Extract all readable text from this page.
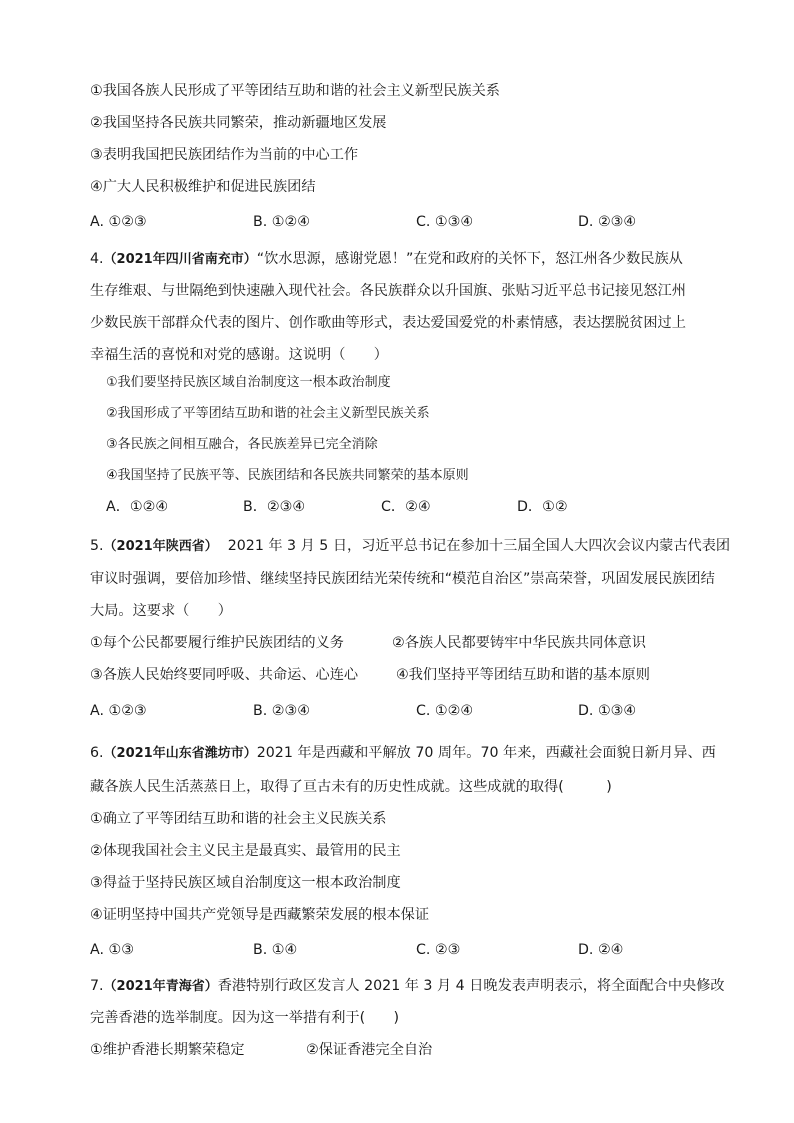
①我国各族人民形成了平等团结互助和谐的社会主义新型民族关系
②我国坚持各民族共同繁荣，推动新疆地区发展
③表明我国把民族团结作为当前的中心工作
④广大人民积极维护和促进民族团结
A. ①②③	B. ①②④	C. ①③④	D. ②③④
4.（2021年四川省南充市）“饮水思源，感谢党恩！”在党和政府的关怀下，怒江州各少数民族从
生存维艰、与世隔绝到快速融入现代社会。各民族群众以升国旗、张贴习近平总书记接见怒江州
少数民族干部群众代表的图片、创作歌曲等形式，表达爱国爱党的朴素情感，表达摆脱贫困过上
幸福生活的喜悦和对党的感谢。这说明（　　）
①我们要坚持民族区域自治制度这一根本政治制度
②我国形成了平等团结互助和谐的社会主义新型民族关系
③各民族之间相互融合，各民族差异已完全消除
④我国坚持了民族平等、民族团结和各民族共同繁荣的基本原则
A．①②④	B．②③④	C．②④	D．①②
5.（2021年陕西省） 2021 年 3 月 5 日，习近平总书记在参加十三届全国人大四次会议内蒙古代表团
审议时强调，要倍加珍惜、继续坚持民族团结光荣传统和“模范自治区”崇高荣誉，巩固发展民族团结
大局。这要求（　　）
①每个公民都要履行维护民族团结的义务	②各族人民都要铸牢中华民族共同体意识
③各族人民始终要同呼吸、共命运、心连心	④我们坚持平等团结互助和谐的基本原则
A. ①②③	B. ②③④	C. ①②④	D. ①③④
6.（2021年山东省潍坊市）2021 年是西藏和平解放 70 周年。70 年来，西藏社会面貌日新月异、西
藏各族人民生活蒸蒸日上，取得了亘古未有的历史性成就。这些成就的取得(　　　)
①确立了平等团结互助和谐的社会主义民族关系
②体现我国社会主义民主是最真实、最管用的民主
③得益于坚持民族区域自治制度这一根本政治制度
④证明坚持中国共产党领导是西藏繁荣发展的根本保证
A. ①③	B. ①④	C. ②③	D. ②④
7.（2021年青海省）香港特别行政区发言人 2021 年 3 月 4 日晚发表声明表示，将全面配合中央修改
完善香港的选举制度。因为这一举措有利于(　　)
①维护香港长期繁荣稳定	②保证香港完全自治
